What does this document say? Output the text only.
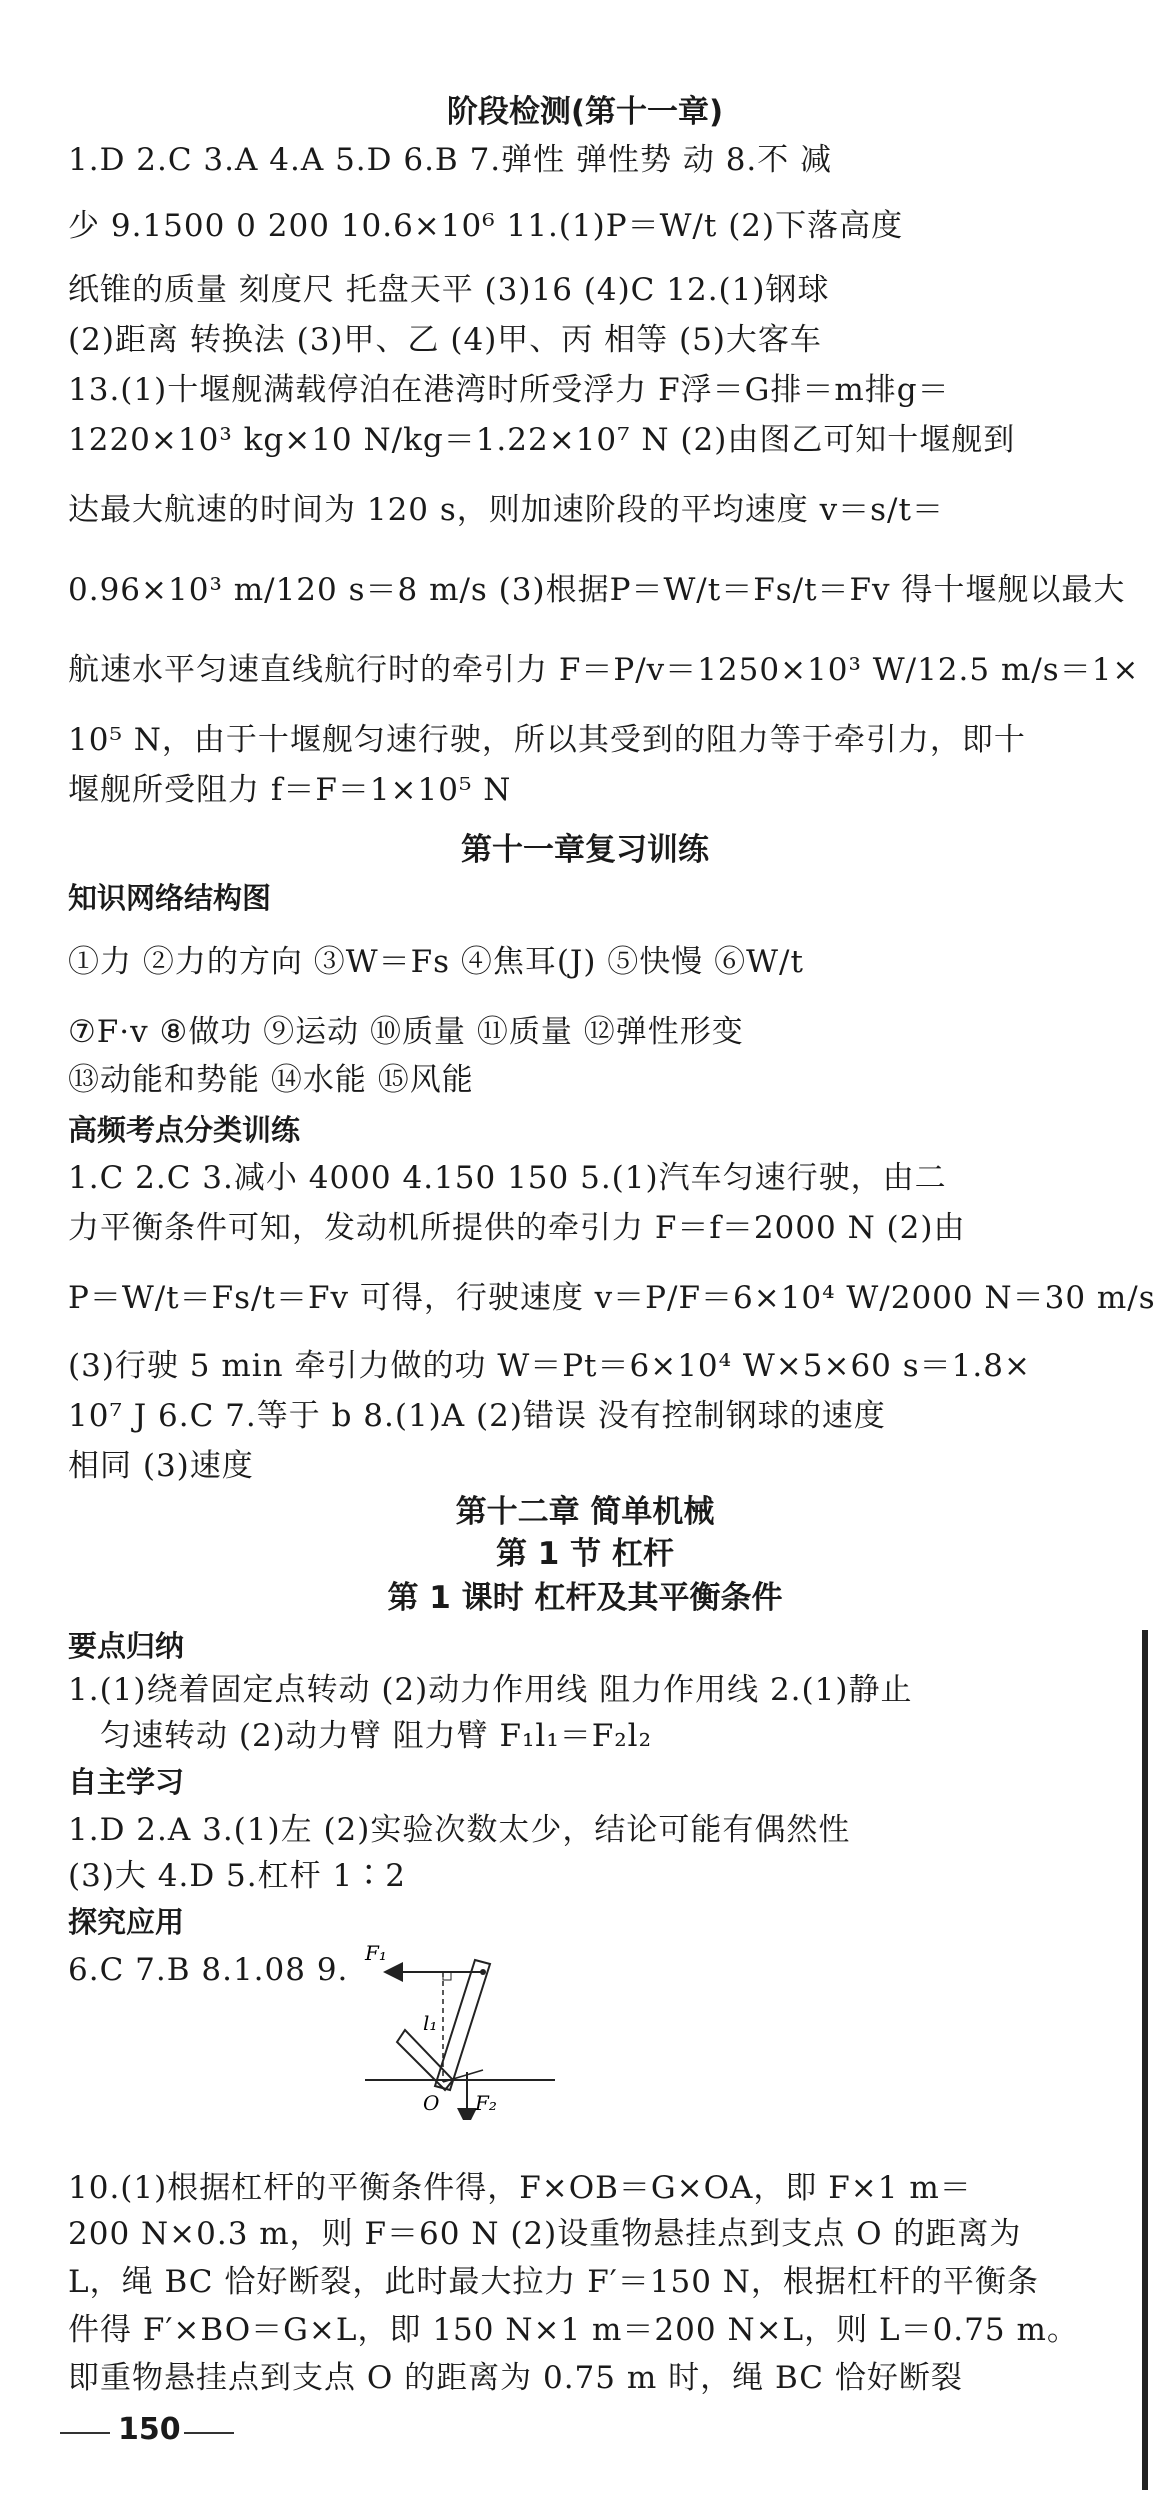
阶段检测(第十一章)
1.D 2.C 3.A 4.A 5.D 6.B 7.弹性 弹性势 动 8.不 减
少 9.1500 0 200 10.6×10⁶ 11.(1)P＝W/t (2)下落高度
纸锥的质量 刻度尺 托盘天平 (3)16 (4)C 12.(1)钢球
(2)距离 转换法 (3)甲、乙 (4)甲、丙 相等 (5)大客车
13.(1)十堰舰满载停泊在港湾时所受浮力 F浮＝G排＝m排g＝
1220×10³ kg×10 N/kg＝1.22×10⁷ N (2)由图乙可知十堰舰到
达最大航速的时间为 120 s，则加速阶段的平均速度 v＝s/t＝
0.96×10³ m/120 s＝8 m/s (3)根据P＝W/t＝Fs/t＝Fv 得十堰舰以最大
航速水平匀速直线航行时的牵引力 F＝P/v＝1250×10³ W/12.5 m/s＝1×
10⁵ N，由于十堰舰匀速行驶，所以其受到的阻力等于牵引力，即十
堰舰所受阻力 f＝F＝1×10⁵ N
第十一章复习训练
知识网络结构图
①力 ②力的方向 ③W＝Fs ④焦耳(J) ⑤快慢 ⑥W/t
⑦F·v ⑧做功 ⑨运动 ⑩质量 ⑪质量 ⑫弹性形变
⑬动能和势能 ⑭水能 ⑮风能
高频考点分类训练
1.C 2.C 3.减小 4000 4.150 150 5.(1)汽车匀速行驶，由二
力平衡条件可知，发动机所提供的牵引力 F＝f＝2000 N (2)由
P＝W/t＝Fs/t＝Fv 可得，行驶速度 v＝P/F＝6×10⁴ W/2000 N＝30 m/s
(3)行驶 5 min 牵引力做的功 W＝Pt＝6×10⁴ W×5×60 s＝1.8×
10⁷ J 6.C 7.等于 b 8.(1)A (2)错误 没有控制钢球的速度
相同 (3)速度
第十二章 简单机械
第 1 节 杠杆
第 1 课时 杠杆及其平衡条件
要点归纳
1.(1)绕着固定点转动 (2)动力作用线 阻力作用线 2.(1)静止
匀速转动 (2)动力臂 阻力臂 F₁l₁＝F₂l₂
自主学习
1.D 2.A 3.(1)左 (2)实验次数太少，结论可能有偶然性
(3)大 4.D 5.杠杆 1∶2
探究应用
6.C 7.B 8.1.08 9. F₁
l₁
O F₂
10.(1)根据杠杆的平衡条件得，F×OB＝G×OA，即 F×1 m＝
200 N×0.3 m，则 F＝60 N (2)设重物悬挂点到支点 O 的距离为
L，绳 BC 恰好断裂，此时最大拉力 F′＝150 N，根据杠杆的平衡条
件得 F′×BO＝G×L，即 150 N×1 m＝200 N×L，则 L＝0.75 m。
即重物悬挂点到支点 O 的距离为 0.75 m 时，绳 BC 恰好断裂
150
